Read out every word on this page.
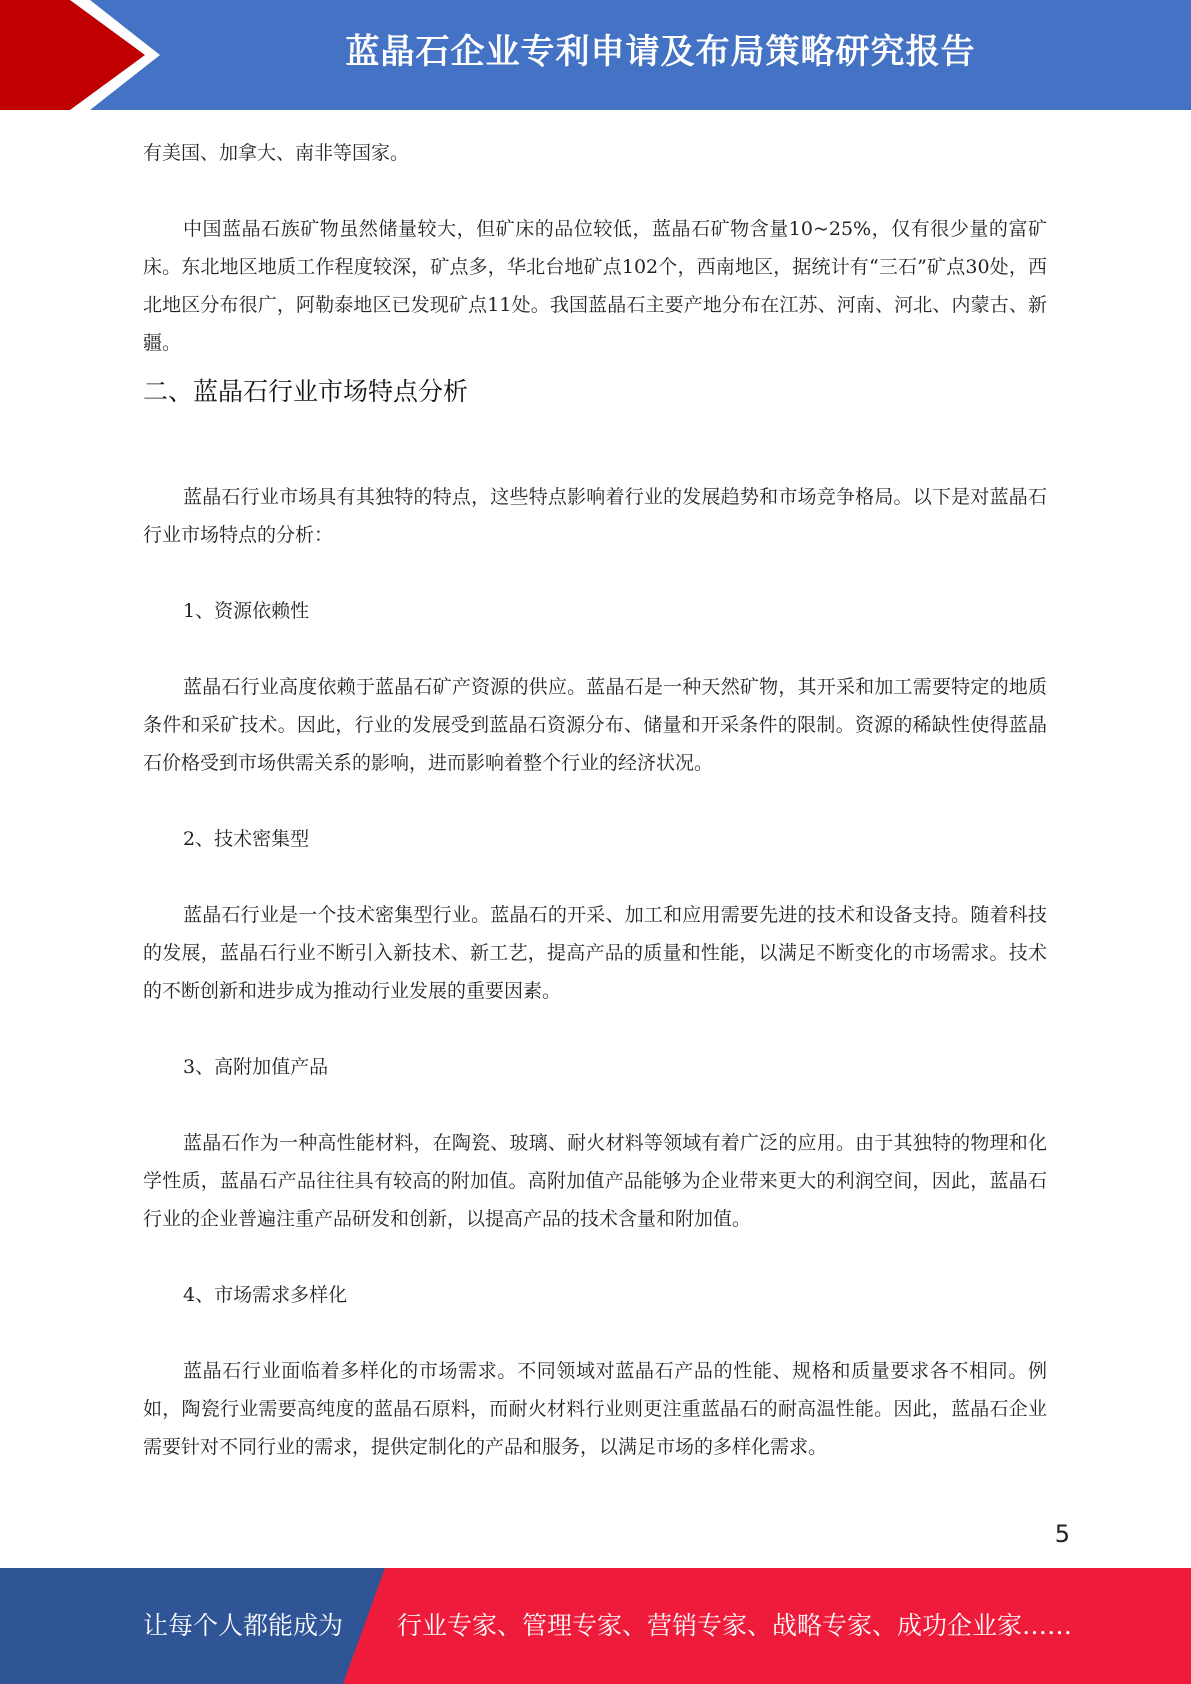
蓝晶石企业专利申请及布局策略研究报告

有美国、加拿大、南非等国家。

中国蓝晶石族矿物虽然储量较大，但矿床的品位较低，蓝晶石矿物含量10~25%，仅有很少量的富矿床。东北地区地质工作程度较深，矿点多，华北台地矿点102个，西南地区，据统计有“三石”矿点30处，西北地区分布很广，阿勒泰地区已发现矿点11处。我国蓝晶石主要产地分布在江苏、河南、河北、内蒙古、新疆。

二、蓝晶石行业市场特点分析

蓝晶石行业市场具有其独特的特点，这些特点影响着行业的发展趋势和市场竞争格局。以下是对蓝晶石行业市场特点的分析：

1、资源依赖性

蓝晶石行业高度依赖于蓝晶石矿产资源的供应。蓝晶石是一种天然矿物，其开采和加工需要特定的地质条件和采矿技术。因此，行业的发展受到蓝晶石资源分布、储量和开采条件的限制。资源的稀缺性使得蓝晶石价格受到市场供需关系的影响，进而影响着整个行业的经济状况。

2、技术密集型

蓝晶石行业是一个技术密集型行业。蓝晶石的开采、加工和应用需要先进的技术和设备支持。随着科技的发展，蓝晶石行业不断引入新技术、新工艺，提高产品的质量和性能，以满足不断变化的市场需求。技术的不断创新和进步成为推动行业发展的重要因素。

3、高附加值产品

蓝晶石作为一种高性能材料，在陶瓷、玻璃、耐火材料等领域有着广泛的应用。由于其独特的物理和化学性质，蓝晶石产品往往具有较高的附加值。高附加值产品能够为企业带来更大的利润空间，因此，蓝晶石行业的企业普遍注重产品研发和创新，以提高产品的技术含量和附加值。

4、市场需求多样化

蓝晶石行业面临着多样化的市场需求。不同领域对蓝晶石产品的性能、规格和质量要求各不相同。例如，陶瓷行业需要高纯度的蓝晶石原料，而耐火材料行业则更注重蓝晶石的耐高温性能。因此，蓝晶石企业需要针对不同行业的需求，提供定制化的产品和服务，以满足市场的多样化需求。

5
让每个人都能成为 行业专家、管理专家、营销专家、战略专家、成功企业家……
